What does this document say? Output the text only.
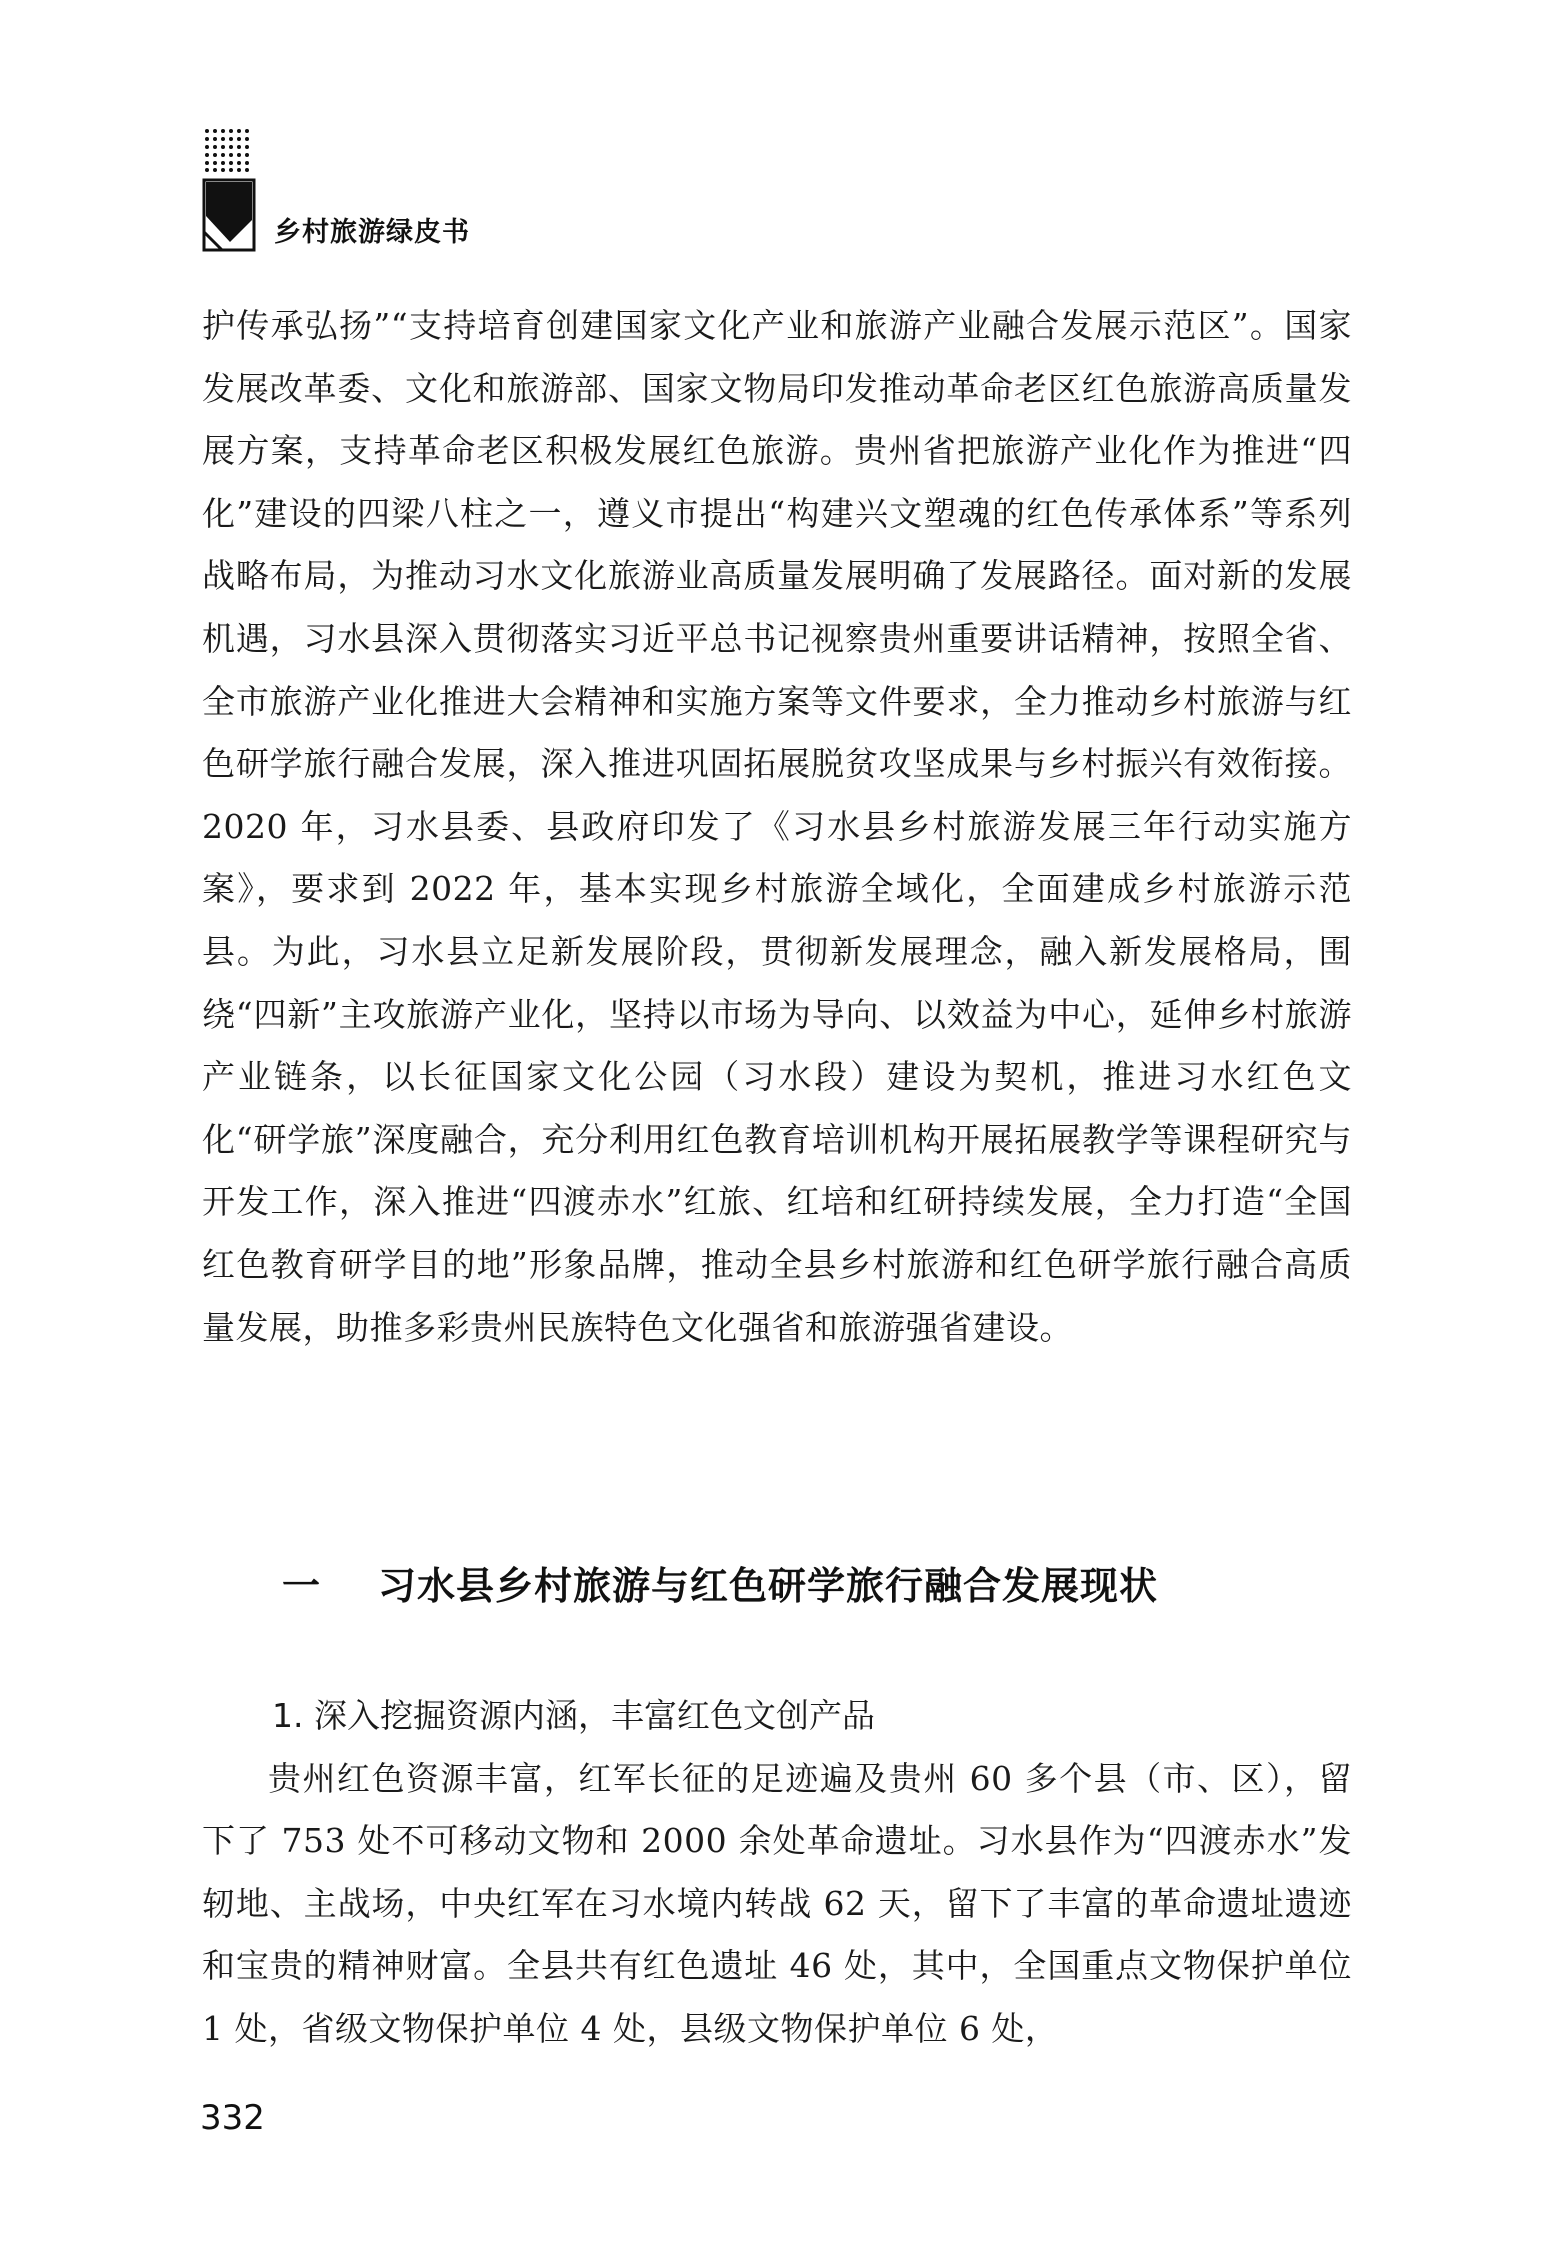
乡村旅游绿皮书

护传承弘扬”“支持培育创建国家文化产业和旅游产业融合发展示范区”。国家发展改革委、文化和旅游部、国家文物局印发推动革命老区红色旅游高质量发展方案，支持革命老区积极发展红色旅游。贵州省把旅游产业化作为推进“四化”建设的四梁八柱之一，遵义市提出“构建兴文塑魂的红色传承体系”等系列战略布局，为推动习水文化旅游业高质量发展明确了发展路径。面对新的发展机遇，习水县深入贯彻落实习近平总书记视察贵州重要讲话精神，按照全省、全市旅游产业化推进大会精神和实施方案等文件要求，全力推动乡村旅游与红色研学旅行融合发展，深入推进巩固拓展脱贫攻坚成果与乡村振兴有效衔接。2020 年，习水县委、县政府印发了《习水县乡村旅游发展三年行动实施方案》，要求到 2022 年，基本实现乡村旅游全域化，全面建成乡村旅游示范县。为此，习水县立足新发展阶段，贯彻新发展理念，融入新发展格局，围绕“四新”主攻旅游产业化，坚持以市场为导向、以效益为中心，延伸乡村旅游产业链条，以长征国家文化公园（习水段）建设为契机，推进习水红色文化“研学旅”深度融合，充分利用红色教育培训机构开展拓展教学等课程研究与开发工作，深入推进“四渡赤水”红旅、红培和红研持续发展，全力打造“全国红色教育研学目的地”形象品牌，推动全县乡村旅游和红色研学旅行融合高质量发展，助推多彩贵州民族特色文化强省和旅游强省建设。

一 习水县乡村旅游与红色研学旅行融合发展现状

1. 深入挖掘资源内涵，丰富红色文创产品

贵州红色资源丰富，红军长征的足迹遍及贵州 60 多个县（市、区），留下了 753 处不可移动文物和 2000 余处革命遗址。习水县作为“四渡赤水”发轫地、主战场，中央红军在习水境内转战 62 天，留下了丰富的革命遗址遗迹和宝贵的精神财富。全县共有红色遗址 46 处，其中，全国重点文物保护单位 1 处，省级文物保护单位 4 处，县级文物保护单位 6 处，

332
